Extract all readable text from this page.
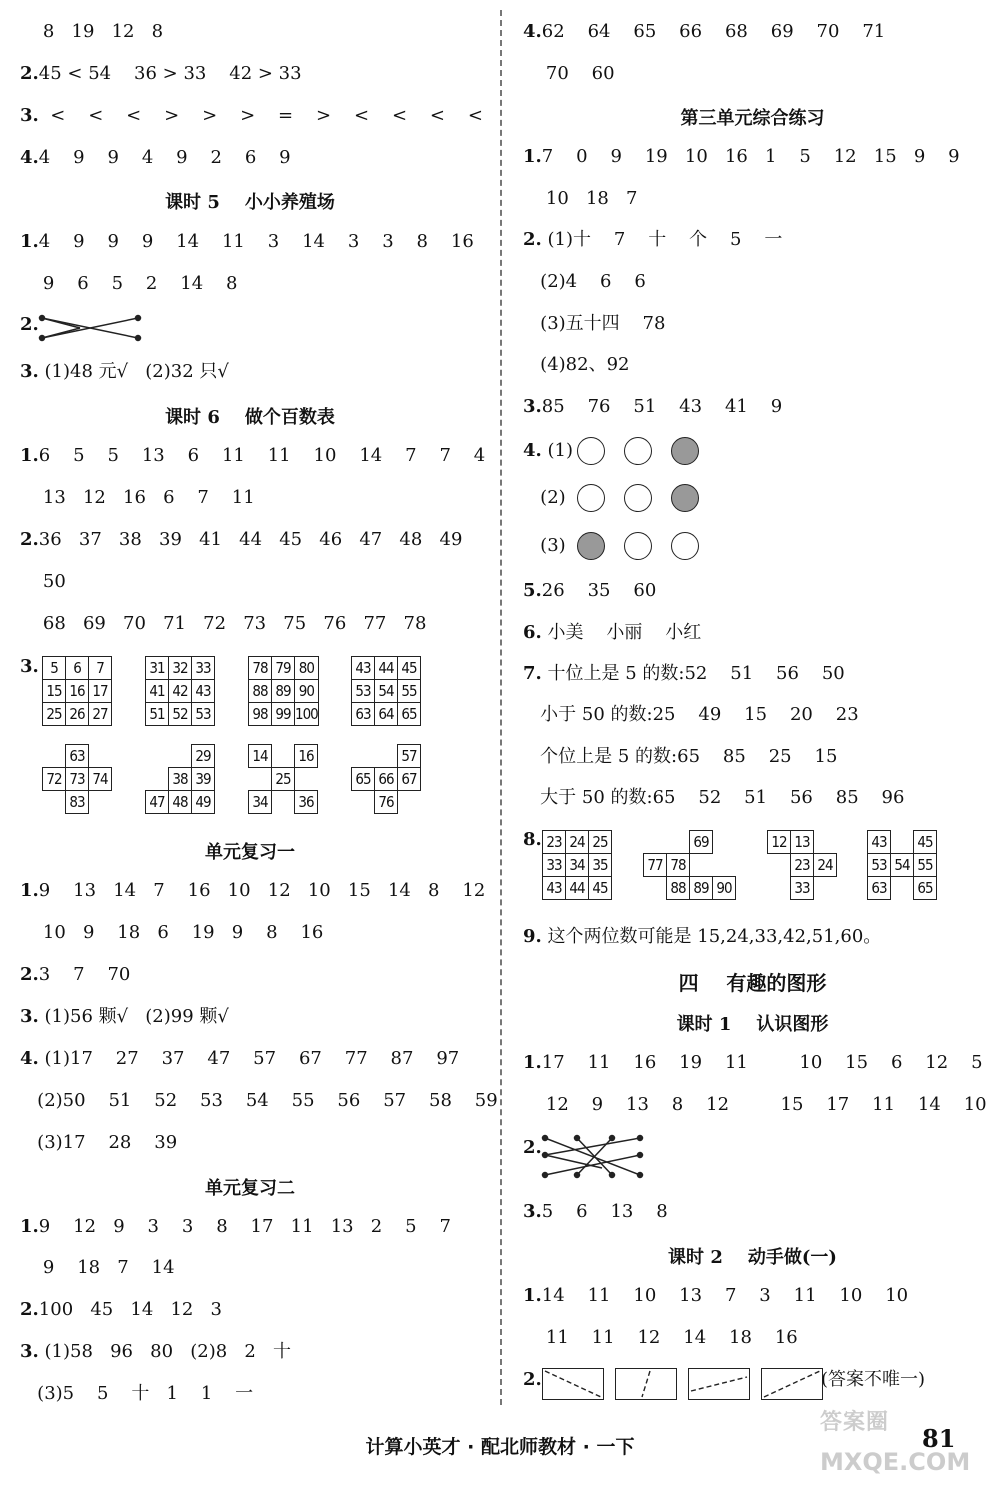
8   19   12   8
2.45 < 54    36 > 33    42 > 33
3.  <    <    <    >    >    >    =    >    <    <    <    <
4.4    9    9    4    9    2    6    9
课时 5    小小养殖场
1.4    9    9    9    14    11    3    14    3    3    8    16
9    6    5    2    14    8
2.
3. (1)48 元√   (2)32 只√
课时 6    做个百数表
1.6    5    5    13    6    11    11    10    14    7    7    4
13   12   16   6    7    11
2.36   37   38   39   41   44   45   46   47   48   49
50
68   69   70   71   72   73   75   76   77   78
3. 5	6	7
15	16	17
25	26	27
31	32	33
41	42	43
51	52	53
78	79	80
88	89	90
98	99	100
43	44	45
53	54	55
63	64	65
	63	
72	73	74
	83	
		29
	38	39
47	48	49
14		16
	25	
34		36
		57
65	66	67
	76	
单元复习一
1.9    13   14   7    16   10   12   10   15   14   8    12
10   9    18   6    19   9    8    16
2.3    7    70
3. (1)56 颗√   (2)99 颗√
4. (1)17    27    37    47    57    67    77    87    97
(2)50    51    52    53    54    55    56    57    58    59
(3)17    28    39
单元复习二
1.9    12   9    3    3    8    17   11   13   2    5    7
9    18   7    14
2.100   45   14   12   3
3. (1)58   96   80   (2)8   2   十
(3)5    5    十   1    1    一
4.62    64    65    66    68    69    70    71
70    60
第三单元综合练习
1.7    0    9    19   10   16   1    5    12   15   9    9
10   18   7
2. (1)十    7    十    个    5    一
(2)4    6    6
(3)五十四    78
(4)82、92
3.85    76    51    43    41    9
4. (1)
(2)
(3)
5.26    35    60
6. 小美    小丽    小红
7. 十位上是 5 的数:52    51    56    50
小于 50 的数:25    49    15    20    23
个位上是 5 的数:65    85    25    15
大于 50 的数:65    52    51    56    85    96
8. 23	24	25
33	34	35
43	44	45
		69	
77	78		
	88	89	90
12	13	
	23	24
	33	
43		45
53	54	55
63		65
9. 这个两位数可能是 15,24,33,42,51,60。
四    有趣的图形
课时 1    认识图形
1.17    11    16    19    11         10    15    6    12    5
12    9    13    8    12         15    17    11    14    10
2.
3.5    6    13    8
课时 2    动手做(一)
1.14    11    10    13    7    3    11    10    10
11    11    12    14    18    16
2.	(答案不唯一)
答案圈
计算小英才 · 配北师教材 · 一下	81
MXQE.COM
